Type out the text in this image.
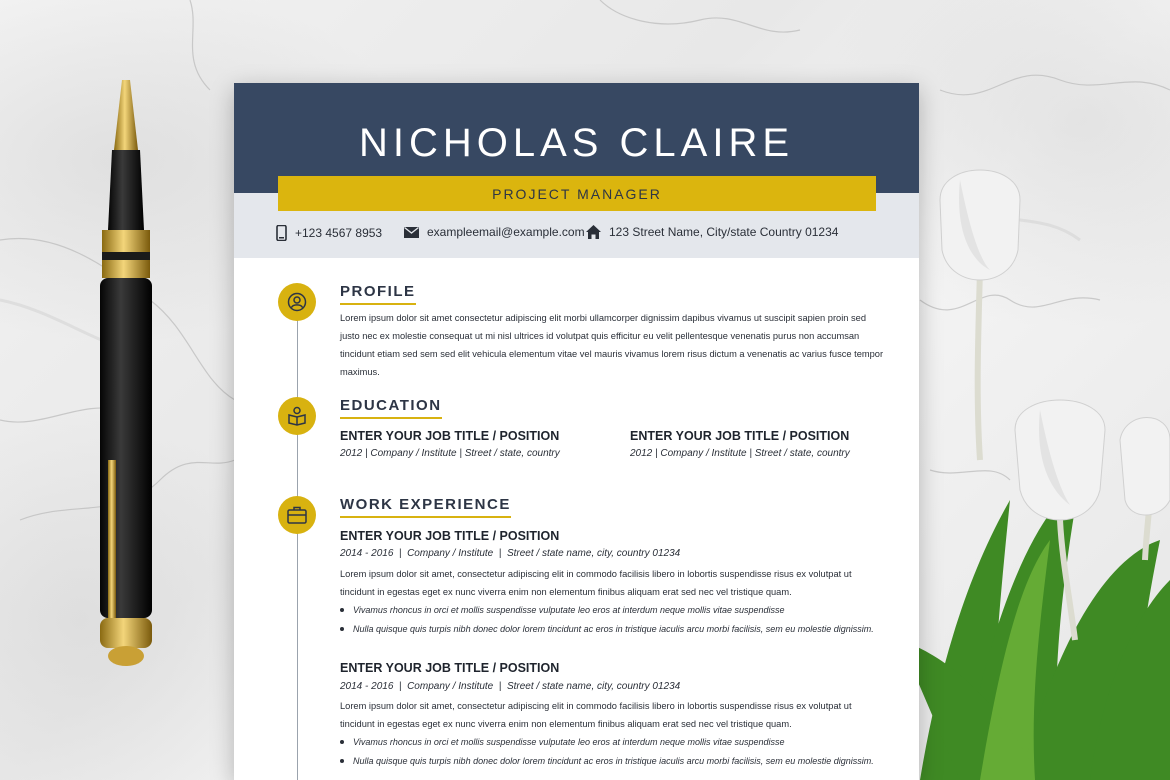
NICHOLAS CLAIRE
PROJECT MANAGER
+123 4567 8953	exampleemail@example.com 123 Street Name, City/state Country 01234
PROFILE
Lorem ipsum dolor sit amet consectetur adipiscing elit morbi ullamcorper dignissim dapibus vivamus ut suscipit sapien proin sed justo nec ex molestie consequat ut mi nisl ultrices id volutpat quis efficitur eu velit pellentesque venenatis purus non accumsan tincidunt etiam sed sem sed elit vehicula elementum vitae vel mauris vivamus lorem risus dictum a venenatis ac varius fusce tempor maximus.
EDUCATION
ENTER YOUR JOB TITLE / POSITION
2012 | Company / Institute | Street / state, country
ENTER YOUR JOB TITLE / POSITION
2012 | Company / Institute | Street / state, country
WORK EXPERIENCE
ENTER YOUR JOB TITLE / POSITION
2014 - 2016  |  Company / Institute  |  Street / state name, city, country 01234
Lorem ipsum dolor sit amet, consectetur adipiscing elit in commodo facilisis libero in lobortis suspendisse risus ex volutpat ut tincidunt in egestas eget ex nunc viverra enim non elementum finibus aliquam erat sed nec vel tristique quam.
Vivamus rhoncus in orci et mollis suspendisse vulputate leo eros at interdum neque mollis vitae suspendisse
Nulla quisque quis turpis nibh donec dolor lorem tincidunt ac eros in tristique iaculis arcu morbi facilisis, sem eu molestie dignissim.
ENTER YOUR JOB TITLE / POSITION
2014 - 2016  |  Company / Institute  |  Street / state name, city, country 01234
Lorem ipsum dolor sit amet, consectetur adipiscing elit in commodo facilisis libero in lobortis suspendisse risus ex volutpat ut tincidunt in egestas eget ex nunc viverra enim non elementum finibus aliquam erat sed nec vel tristique quam.
Vivamus rhoncus in orci et mollis suspendisse vulputate leo eros at interdum neque mollis vitae suspendisse
Nulla quisque quis turpis nibh donec dolor lorem tincidunt ac eros in tristique iaculis arcu morbi facilisis, sem eu molestie dignissim.
